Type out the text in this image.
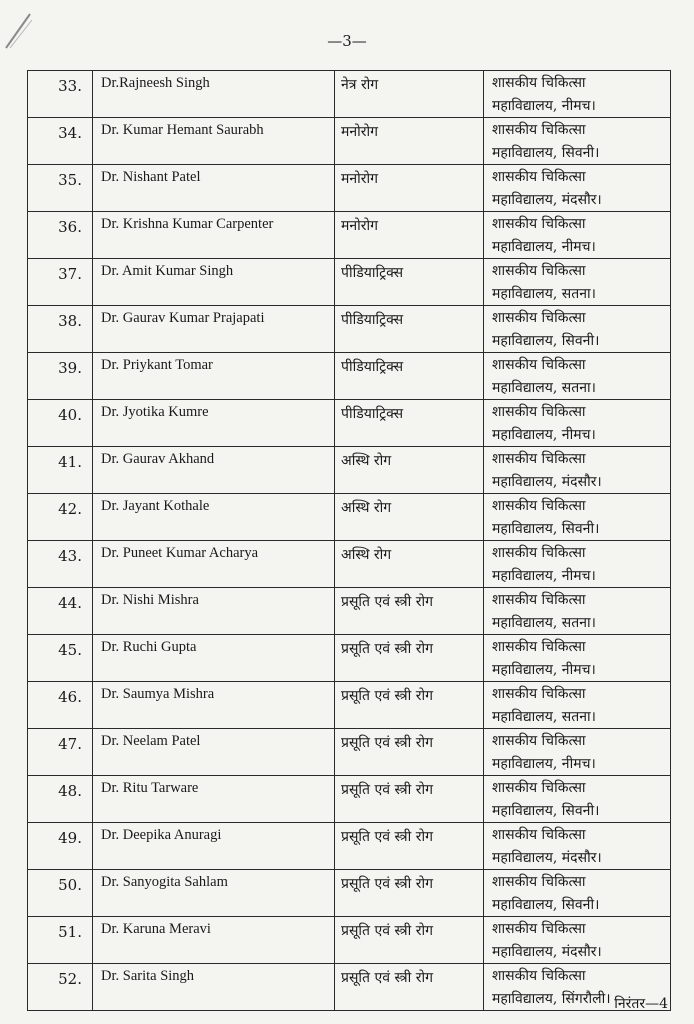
—3—
33.	Dr.Rajneesh Singh	नेत्र रोग	शासकीय चिकित्सा
महाविद्यालय, नीमच।

34.	Dr. Kumar Hemant Saurabh	मनोरोग	शासकीय चिकित्सा
महाविद्यालय, सिवनी।

35.	Dr. Nishant Patel	मनोरोग	शासकीय चिकित्सा
महाविद्यालय, मंदसौर।

36.	Dr. Krishna Kumar Carpenter	मनोरोग	शासकीय चिकित्सा
महाविद्यालय, नीमच।

37.	Dr. Amit Kumar Singh	पीडियाट्रिक्स	शासकीय चिकित्सा
महाविद्यालय, सतना।

38.	Dr. Gaurav Kumar Prajapati	पीडियाट्रिक्स	शासकीय चिकित्सा
महाविद्यालय, सिवनी।

39.	Dr. Priykant Tomar	पीडियाट्रिक्स	शासकीय चिकित्सा
महाविद्यालय, सतना।

40.	Dr. Jyotika Kumre	पीडियाट्रिक्स	शासकीय चिकित्सा
महाविद्यालय, नीमच।

41.	Dr. Gaurav Akhand	अस्थि रोग	शासकीय चिकित्सा
महाविद्यालय, मंदसौर।

42.	Dr. Jayant Kothale	अस्थि रोग	शासकीय चिकित्सा
महाविद्यालय, सिवनी।

43.	Dr. Puneet Kumar Acharya	अस्थि रोग	शासकीय चिकित्सा
महाविद्यालय, नीमच।

44.	Dr. Nishi Mishra	प्रसूति एवं स्त्री रोग	शासकीय चिकित्सा
महाविद्यालय, सतना।

45.	Dr. Ruchi Gupta	प्रसूति एवं स्त्री रोग	शासकीय चिकित्सा
महाविद्यालय, नीमच।

46.	Dr. Saumya Mishra	प्रसूति एवं स्त्री रोग	शासकीय चिकित्सा
महाविद्यालय, सतना।

47.	Dr. Neelam Patel	प्रसूति एवं स्त्री रोग	शासकीय चिकित्सा
महाविद्यालय, नीमच।

48.	Dr. Ritu Tarware	प्रसूति एवं स्त्री रोग	शासकीय चिकित्सा
महाविद्यालय, सिवनी।

49.	Dr. Deepika Anuragi	प्रसूति एवं स्त्री रोग	शासकीय चिकित्सा
महाविद्यालय, मंदसौर।

50.	Dr. Sanyogita Sahlam	प्रसूति एवं स्त्री रोग	शासकीय चिकित्सा
महाविद्यालय, सिवनी।

51.	Dr. Karuna Meravi	प्रसूति एवं स्त्री रोग	शासकीय चिकित्सा
महाविद्यालय, मंदसौर।

52.	Dr. Sarita Singh	प्रसूति एवं स्त्री रोग	शासकीय चिकित्सा
महाविद्यालय, सिंगरौली। निरंतर—4
